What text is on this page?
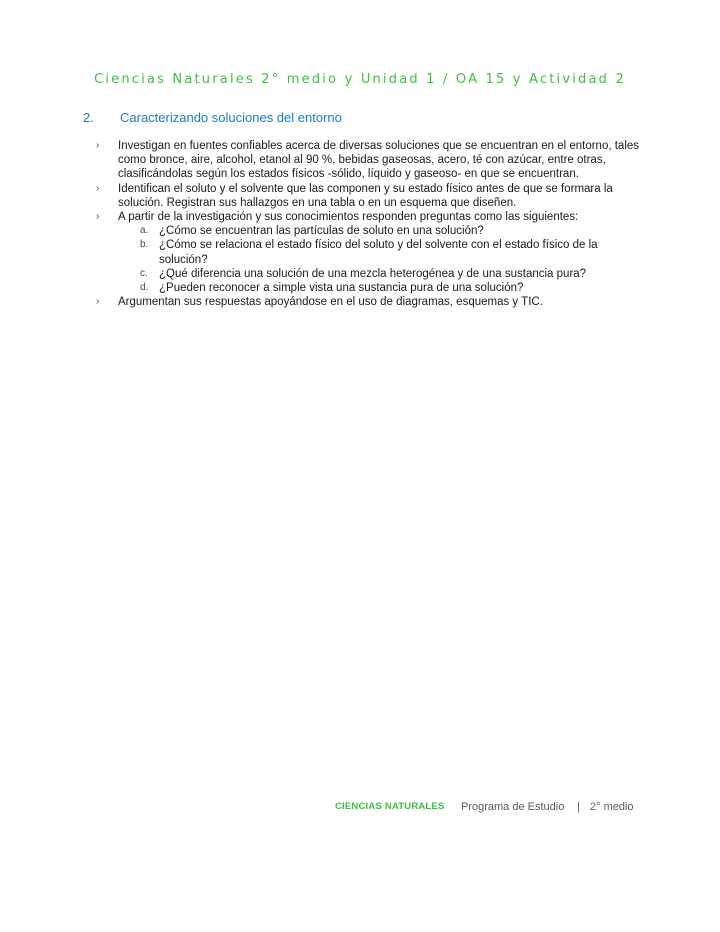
Ciencias Naturales 2° medio y Unidad 1 / OA 15 y Actividad 2
2. Caracterizando soluciones del entorno
› Investigan en fuentes confiables acerca de diversas soluciones que se encuentran en el entorno, tales como bronce, aire, alcohol, etanol al 90 %, bebidas gaseosas, acero, té con azúcar, entre otras, clasificándolas según los estados físicos -sólido, líquido y gaseoso- en que se encuentran.
› Identifican el soluto y el solvente que las componen y su estado físico antes de que se formara la solución. Registran sus hallazgos en una tabla o en un esquema que diseñen.
› A partir de la investigación y sus conocimientos responden preguntas como las siguientes:
a. ¿Cómo se encuentran las partículas de soluto en una solución?
b. ¿Cómo se relaciona el estado físico del soluto y del solvente con el estado físico de la solución?
c. ¿Qué diferencia una solución de una mezcla heterogénea y de una sustancia pura?
d. ¿Pueden reconocer a simple vista una sustancia pura de una solución?
› Argumentan sus respuestas apoyándose en el uso de diagramas, esquemas y TIC.
CIENCIAS NATURALES Programa de Estudio | 2° medio
